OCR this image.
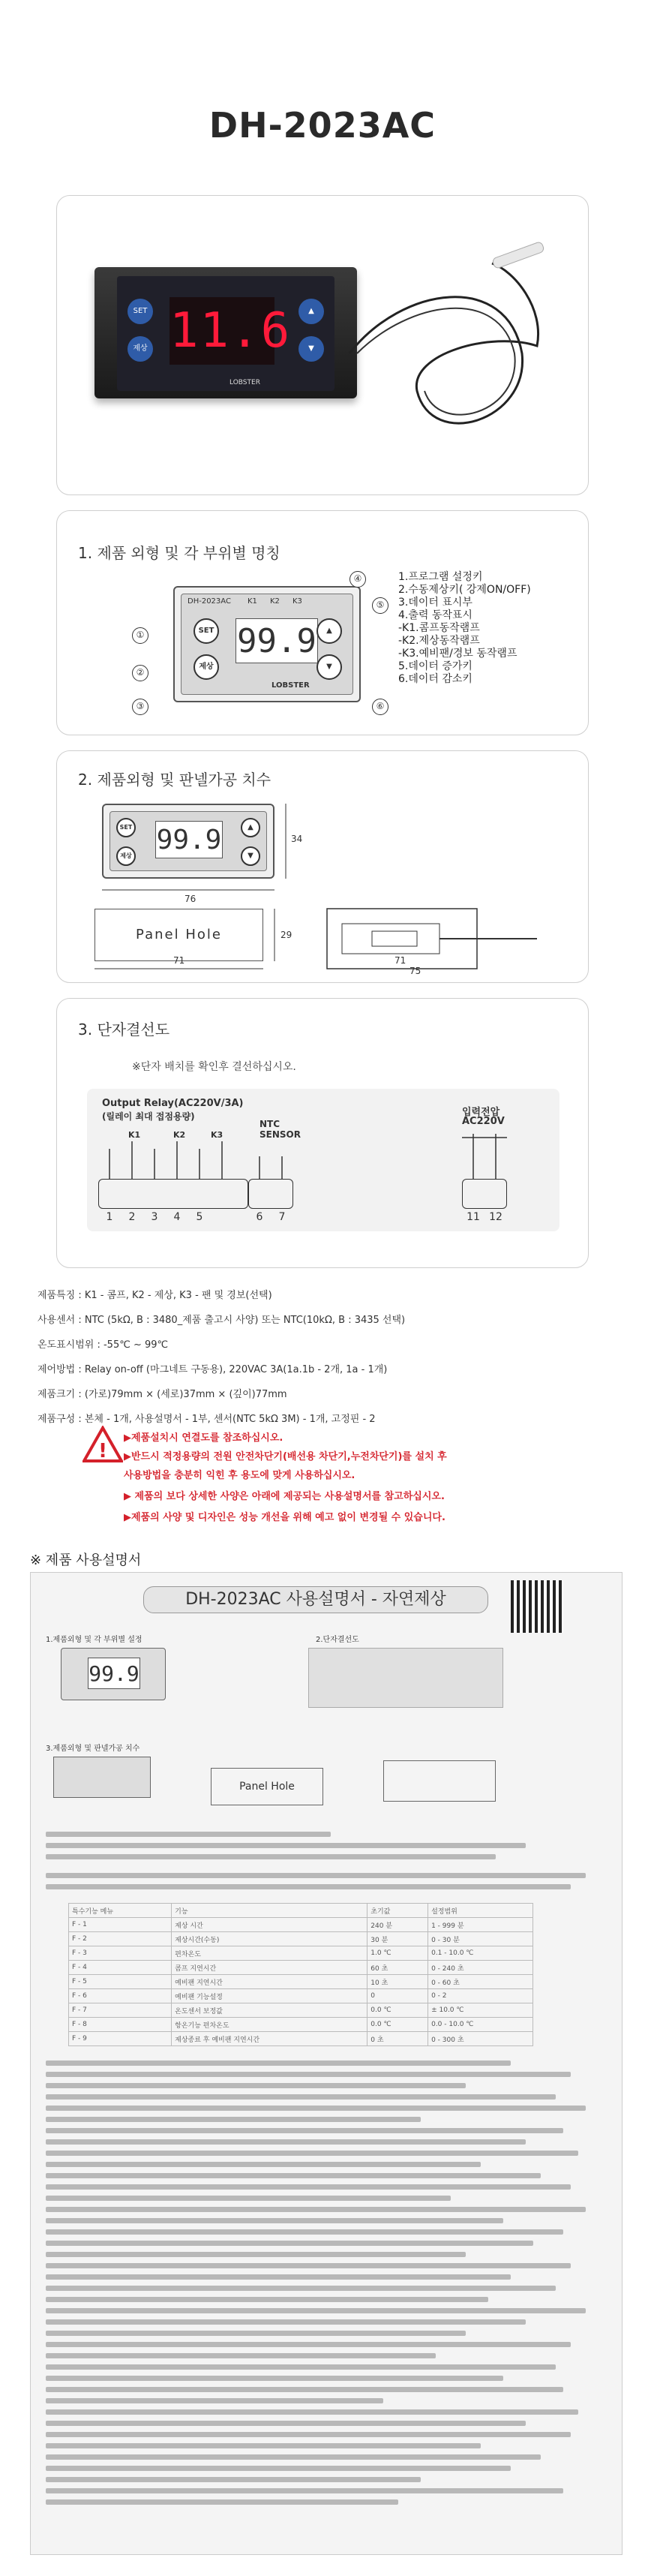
DH-2023AC
SET
제상 11.6	▲
▼
LOBSTER
1. 제품 외형 및 각 부위별 명칭
DH-2023AC K1 K2 K3
SET
제상
99.9	▲
▼
LOBSTER
①
②
③
④
⑤
⑥
1.프로그램 설정키
2.수동제상키( 강제ON/OFF)
3.데이터 표시부
4.출력 동작표시
-K1.콤프동작램프
-K2.제상동작램프
-K3.예비팬/경보 동작램프
5.데이터 증가키
6.데이터 감소키
2. 제품외형 및 판넬가공 치수
SET
제상
99.9	▲
▼
76
34
Panel Hole	29
71
71
75
3. 단자결선도
※단자 배치를 확인후 결선하십시오.
Output Relay(AC220V/3A)
(릴레이 최대 접점용량)
NTC SENSOR
입력전압
AC220V
K1	K2	K3
1	2	3	4	5	6	7	11 12
제품특징 : K1 - 콤프, K2 - 제상, K3 - 팬 및 경보(선택)
사용센서 : NTC (5kΩ, B : 3480_제품 출고시 사양) 또는 NTC(10kΩ, B : 3435 선택)
온도표시범위 : -55℃ ~ 99℃
제어방법 : Relay on-off (마그네트 구동용), 220VAC 3A(1a.1b - 2개, 1a - 1개)
제품크기 : (가로)79mm × (세로)37mm × (깊이)77mm
제품구성 : 본체 - 1개, 사용설명서 - 1부, 센서(NTC 5kΩ 3M) - 1개, 고정핀 - 2
!
▶제품설치시 연결도를 참조하십시오.
▶반드시 적정용량의 전원 안전차단기(배선용 차단기,누전차단기)를 설치 후
사용방법을 충분히 익힌 후 용도에 맞게 사용하십시오.
▶ 제품의 보다 상세한 사양은 아래에 제공되는 사용설명서를 참고하십시오.
▶제품의 사양 및 디자인은 성능 개선을 위해 예고 없이 변경될 수 있습니다.
※ 제품 사용설명서
DH-2023AC 사용설명서 - 자연제상
1.제품외형 및 각 부위별 설정	2.단자결선도
99.9
3.제품외형 및 판넬가공 치수
Panel Hole
특수기능 메뉴	기능	초기값	설정범위
F - 1	제상 시간	240 분	1 - 999 분
F - 2	제상시간(수동)	30 분	0 - 30 분
F - 3	편차온도	1.0 ℃	0.1 - 10.0 ℃
F - 4	콤프 지연시간	60 초	0 - 240 초
F - 5	예비팬 지연시간	10 초	0 - 60 초
F - 6	예비팬 기능설정	0	0 - 2
F - 7	온도센서 보정값	0.0 ℃	± 10.0 ℃
F - 8	항온기능 편차온도	0.0 ℃	0.0 - 10.0 ℃
F - 9	제상종료 후 예비팬 지연시간	0 초	0 - 300 초
